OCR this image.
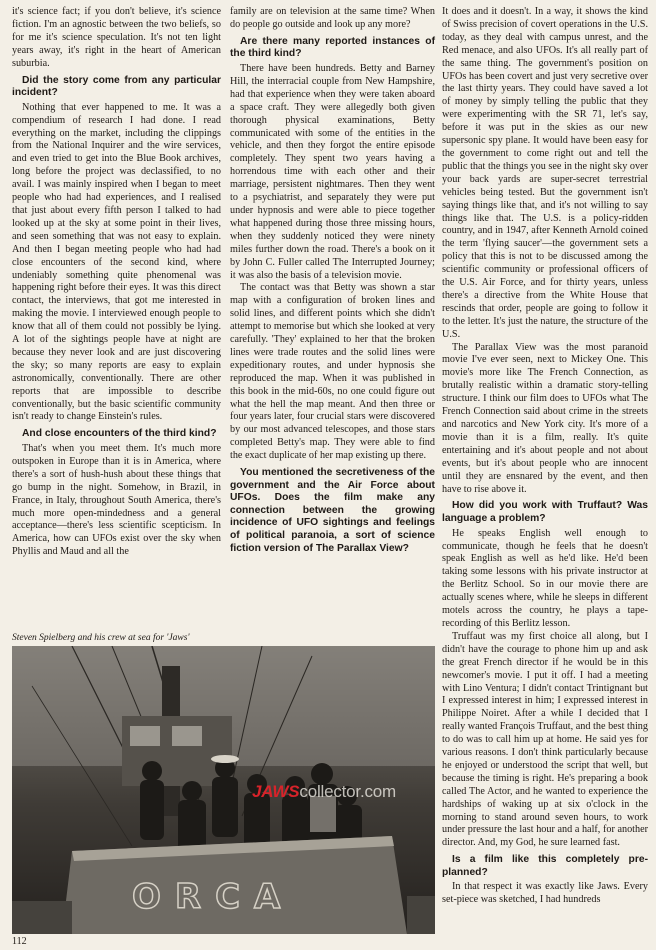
it's science fact; if you don't believe, it's science fiction. I'm an agnostic between the two beliefs, so for me it's science speculation. It's not ten light years away, it's right in the heart of American suburbia.

Did the story come from any particular incident?

Nothing that ever happened to me. It was a compendium of research I had done. I read everything on the market, including the clippings from the National Inquirer and the wire services, and even tried to get into the Blue Book archives, long before the project was declassified, to no avail. I was mainly inspired when I began to meet people who had had experiences, and I realised that just about every fifth person I talked to had looked up at the sky at some point in their lives, and seen something that was not easy to explain. And then I began meeting people who had had close encounters of the second kind, where undeniably something quite phenomenal was happening right before their eyes. It was this direct contact, the interviews, that got me interested in making the movie. I interviewed enough people to know that all of them could not possibly be lying. A lot of the sightings people have at night are because they never look and are just discovering the sky; so many reports are easy to explain astronomically, conventionally. There are other reports that are impossible to describe conventionally, but the basic scientific community isn't ready to change Einstein's rules.

And close encounters of the third kind?

That's when you meet them. It's much more outspoken in Europe than it is in America, where there's a sort of hush-hush about these things that go bump in the night. Somehow, in Brazil, in France, in Italy, throughout South America, there's much more open-mindedness and a general acceptance—there's less scientific scepticism. In America, how can UFOs exist over the sky when Phyllis and Maud and all the

family are on television at the same time? When do people go outside and look up any more?

Are there many reported instances of the third kind?

There have been hundreds. Betty and Barney Hill, the interracial couple from New Hampshire, had that experience when they were taken aboard a space craft. They were allegedly both given thorough physical examinations, Betty communicated with some of the entities in the vehicle, and then they forgot the entire episode completely. They spent two years having a horrendous time with each other and their marriage, persistent nightmares. Then they went to a psychiatrist, and separately they were put under hypnosis and were able to piece together what happened during those three missing hours, when they suddenly noticed they were ninety miles further down the road. There's a book on it by John C. Fuller called The Interrupted Journey; it was also the basis of a television movie.

The contact was that Betty was shown a star map with a configuration of broken lines and solid lines, and different points which she didn't attempt to memorise but which she looked at very carefully. 'They' explained to her that the broken lines were trade routes and the solid lines were expeditionary routes, and under hypnosis she reproduced the map. When it was published in this book in the mid-60s, no one could figure out what the hell the map meant. And then three or four years later, four crucial stars were discovered by our most advanced telescopes, and those stars completed Betty's map. They were able to find the exact duplicate of her map existing up there.

You mentioned the secretiveness of the government and the Air Force about UFOs. Does the film make any connection between the growing incidence of UFO sightings and feelings of political paranoia, a sort of science fiction version of The Parallax View?

It does and it doesn't. In a way, it shows the kind of Swiss precision of covert operations in the U.S. today, as they deal with campus unrest, and the Red menace, and also UFOs. It's all really part of the same thing. The government's position on UFOs has been covert and just very secretive over the last thirty years. They could have saved a lot of money by simply telling the public that they were experimenting with the SR 71, let's say, before it was put in the skies as our new supersonic spy plane. It would have been easy for the government to come right out and tell the public that the things you see in the night sky over your back yards are super-secret terrestrial vehicles being tested. But the government isn't saying things like that, and it's not willing to say things like that. The U.S. is a policy-ridden country, and in 1947, after Kenneth Arnold coined the term 'flying saucer'—the government sets a policy that this is not to be discussed among the scientific community or professional officers of the U.S. Air Force, and for thirty years, unless there's a directive from the White House that rescinds that order, people are going to follow it to the letter. It's just the nature, the structure of the U.S.

The Parallax View was the most paranoid movie I've ever seen, next to Mickey One. This movie's more like The French Connection, as brutally realistic within a dramatic story-telling structure. I think our film does to UFOs what The French Connection said about crime in the streets and narcotics and New York city. It's more of a movie than it is a film, really. It's quite entertaining and it's about people and not about events, but it's about people who are innocent until they are ensnared by the event, and then have to rise above it.

How did you work with Truffaut? Was language a problem?

He speaks English well enough to communicate, though he feels that he doesn't speak English as well as he'd like. He'd been taking some lessons with his private instructor at the Berlitz School. So in our movie there are actually scenes where, while he sleeps in different motels across the country, he plays a tape-recording of this Berlitz lesson.

Truffaut was my first choice all along, but I didn't have the courage to phone him up and ask the great French director if he would be in this newcomer's movie. I put it off. I had a meeting with Lino Ventura; I didn't contact Trintignant but I expressed interest in him; I expressed interest in Philippe Noiret. After a while I decided that I really wanted François Truffaut, and the best thing to do was to call him up at home. He said yes for various reasons. I don't think particularly because he enjoyed or understood the script that well, but because the timing is right. He's preparing a book called The Actor, and he wanted to experience the hardships of waking up at six o'clock in the morning to stand around seven hours, to work under pressure the last hour and a half, for another director. And, my God, he sure learned fast.

Is a film like this completely pre-planned?

In that respect it was exactly like Jaws. Every set-piece was sketched, I had hundreds

Steven Spielberg and his crew at sea for 'Jaws'
ORCA
JAWScollector.com
112
